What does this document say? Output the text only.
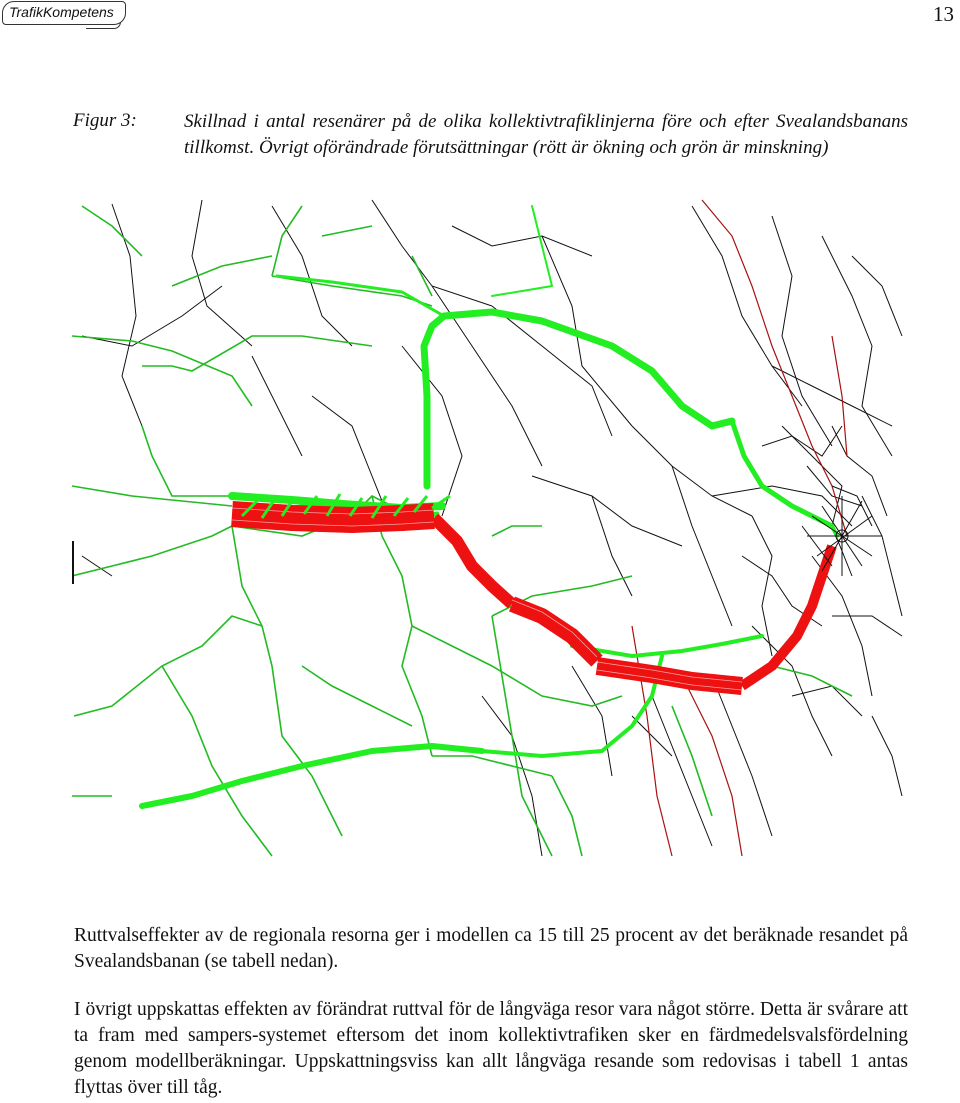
TrafikKompetens	13
Figur 3: Skillnad i antal resenärer på de olika kollektivtrafiklinjerna före och efter Svealandsbanans tillkomst. Övrigt oförändrade förutsättningar (rött är ökning och grön är minskning)
Ruttvalseffekter av de regionala resorna ger i modellen ca 15 till 25 procent av det beräknade resandet på Svealandsbanan (se tabell nedan).
I övrigt uppskattas effekten av förändrat ruttval för de långväga resor vara något större. Detta är svårare att ta fram med sampers-systemet eftersom det inom kollektivtrafiken sker en färdmedelsvalsfördelning genom modellberäkningar. Uppskattningsviss kan allt långväga resande som redovisas i tabell 1 antas flyttas över till tåg.
